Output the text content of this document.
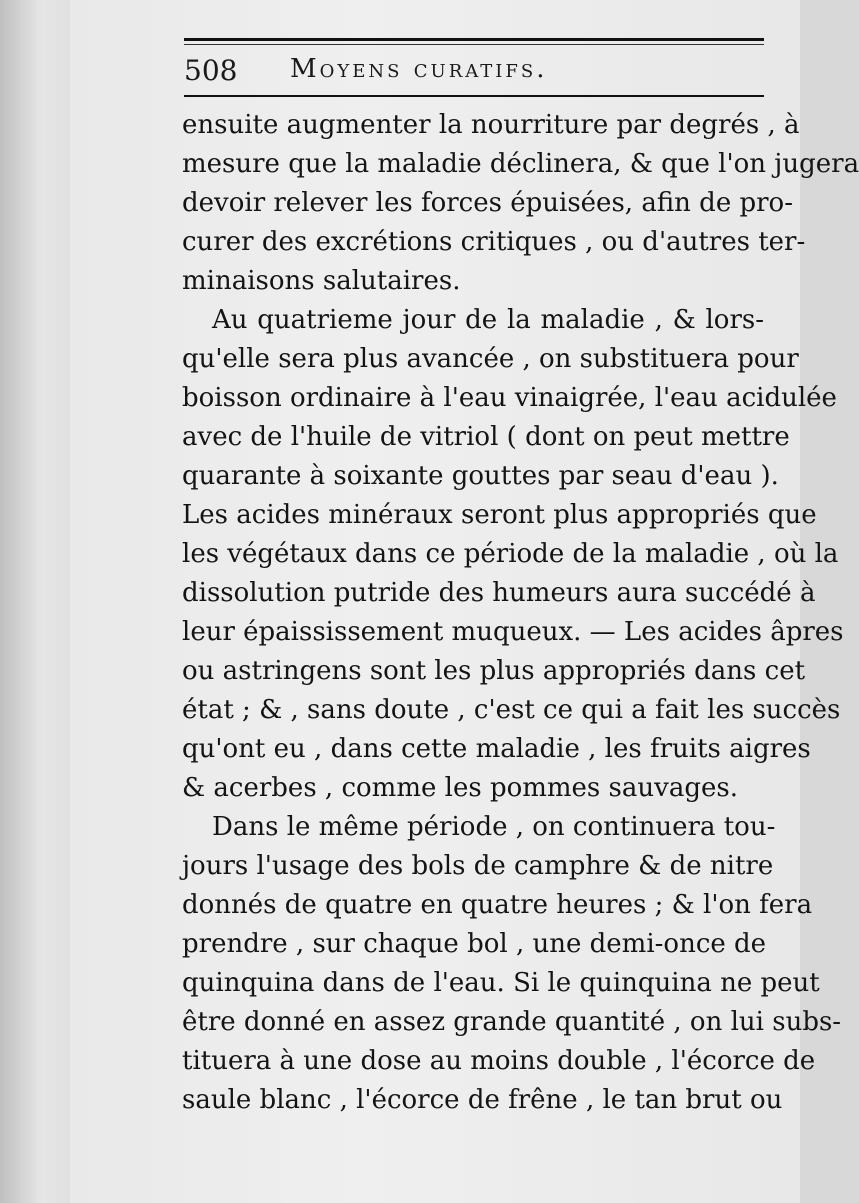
508 Moyens curatifs.
ensuite augmenter la nourriture par degrés , à
mesure que la maladie déclinera, & que l'on jugera
devoir relever les forces épuisées, afin de pro-
curer des excrétions critiques , ou d'autres ter-
minaisons salutaires.
Au quatrieme jour de la maladie , & lors-
qu'elle sera plus avancée , on substituera pour
boisson ordinaire à l'eau vinaigrée, l'eau acidulée
avec de l'huile de vitriol ( dont on peut mettre
quarante à soixante gouttes par seau d'eau ).
Les acides minéraux seront plus appropriés que
les végétaux dans ce période de la maladie , où la
dissolution putride des humeurs aura succédé à
leur épaississement muqueux. — Les acides âpres
ou astringens sont les plus appropriés dans cet
état ; & , sans doute , c'est ce qui a fait les succès
qu'ont eu , dans cette maladie , les fruits aigres
& acerbes , comme les pommes sauvages.
Dans le même période , on continuera tou-
jours l'usage des bols de camphre & de nitre
donnés de quatre en quatre heures ; & l'on fera
prendre , sur chaque bol , une demi-once de
quinquina dans de l'eau. Si le quinquina ne peut
être donné en assez grande quantité , on lui subs-
tituera à une dose au moins double , l'écorce de
saule blanc , l'écorce de frêne , le tan brut ou
